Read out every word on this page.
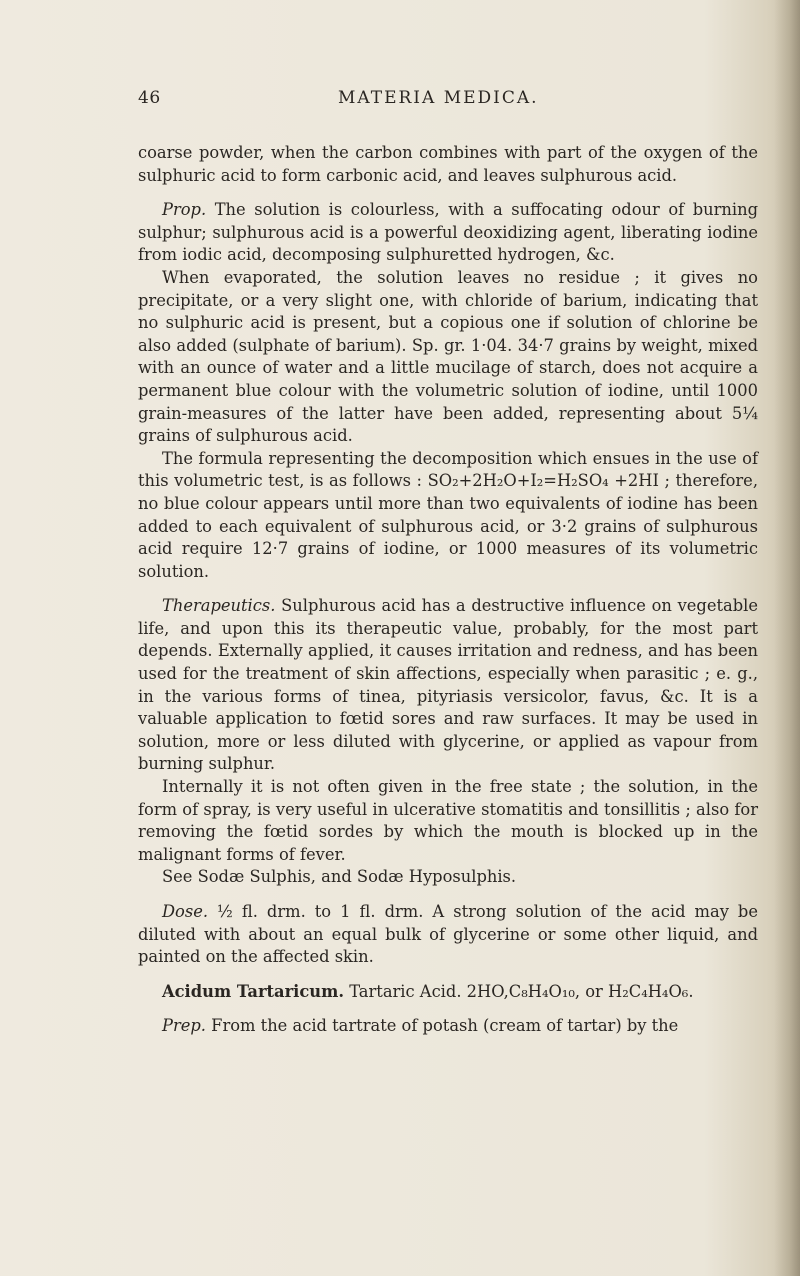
46	MATERIA MEDICA.

coarse powder, when the carbon combines with part of the oxygen of the sulphuric acid to form carbonic acid, and leaves sulphurous acid.

Prop. The solution is colourless, with a suffocating odour of burning sulphur; sulphurous acid is a powerful deoxidizing agent, liberating iodine from iodic acid, decomposing sulphuretted hydrogen, &c.

When evaporated, the solution leaves no residue ; it gives no precipitate, or a very slight one, with chloride of barium, indicating that no sulphuric acid is present, but a copious one if solution of chlorine be also added (sulphate of barium). Sp. gr. 1·04. 34·7 grains by weight, mixed with an ounce of water and a little mucilage of starch, does not acquire a permanent blue colour with the volumetric solution of iodine, until 1000 grain-measures of the latter have been added, representing about 5¼ grains of sulphurous acid.

The formula representing the decomposition which ensues in the use of this volumetric test, is as follows : SO₂+2H₂O+I₂=H₂SO₄ +2HI ; therefore, no blue colour appears until more than two equivalents of iodine has been added to each equivalent of sulphurous acid, or 3·2 grains of sulphurous acid require 12·7 grains of iodine, or 1000 measures of its volumetric solution.

Therapeutics. Sulphurous acid has a destructive influence on vegetable life, and upon this its therapeutic value, probably, for the most part depends. Externally applied, it causes irritation and redness, and has been used for the treatment of skin affections, especially when parasitic ; e. g., in the various forms of tinea, pityriasis versicolor, favus, &c. It is a valuable application to fœtid sores and raw surfaces. It may be used in solution, more or less diluted with glycerine, or applied as vapour from burning sulphur.

Internally it is not often given in the free state ; the solution, in the form of spray, is very useful in ulcerative stomatitis and tonsillitis ; also for removing the fœtid sordes by which the mouth is blocked up in the malignant forms of fever.

See Sodæ Sulphis, and Sodæ Hyposulphis.

Dose. ½ fl. drm. to 1 fl. drm. A strong solution of the acid may be diluted with about an equal bulk of glycerine or some other liquid, and painted on the affected skin.

Acidum Tartaricum. Tartaric Acid. 2HO,C₈H₄O₁₀, or H₂C₄H₄O₆.

Prep. From the acid tartrate of potash (cream of tartar) by the
